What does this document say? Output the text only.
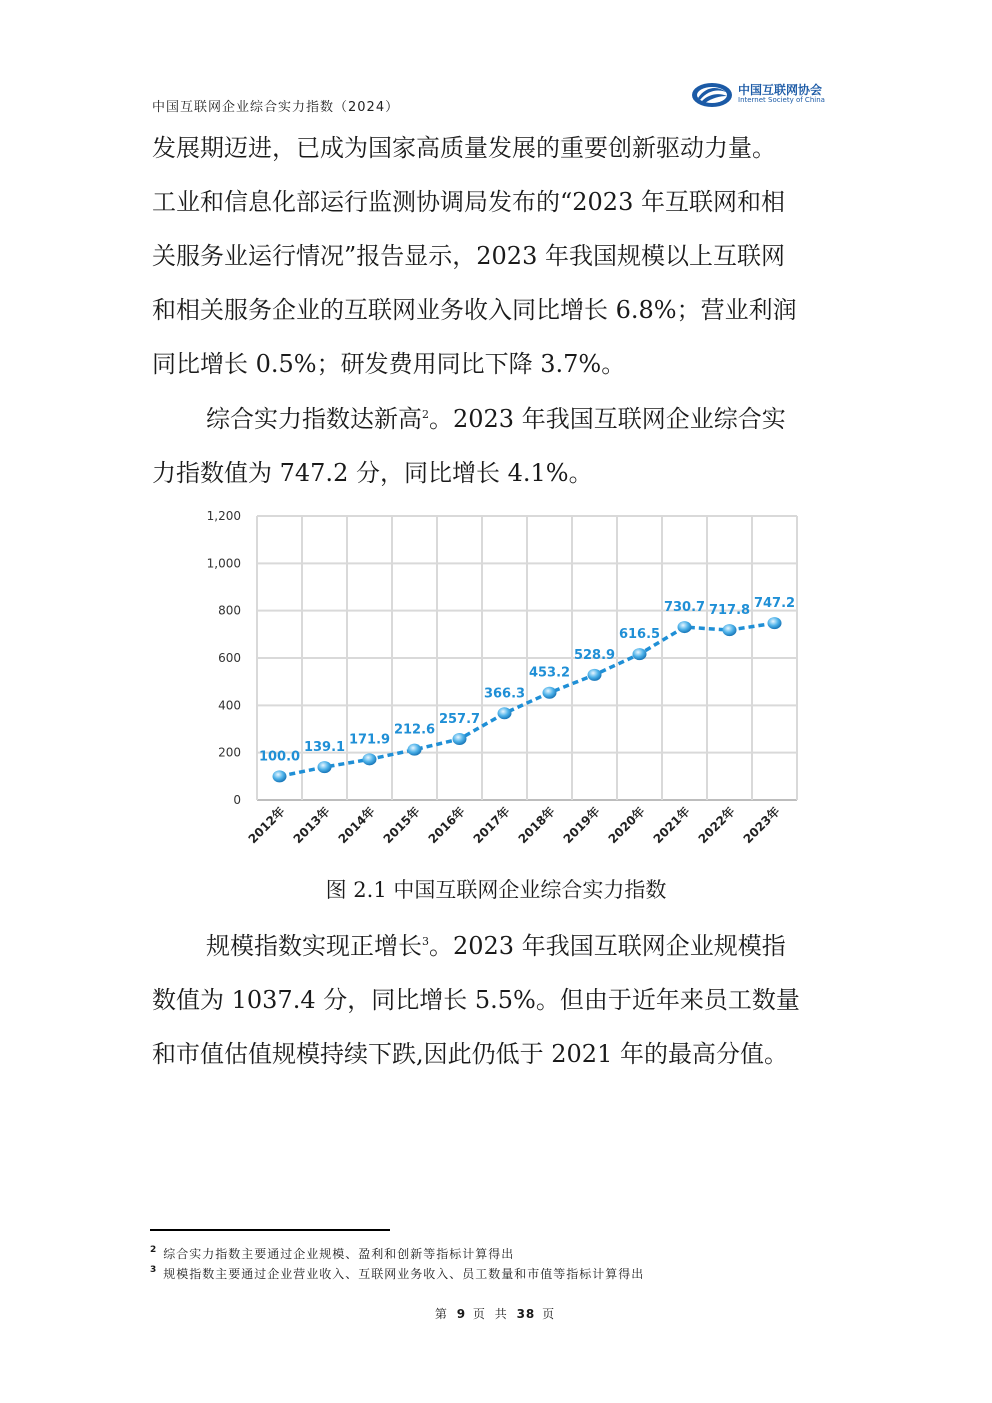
中国互联网企业综合实力指数（2024）
中国互联网协会
Internet Society of China
发展期迈进，已成为国家高质量发展的重要创新驱动力量。
工业和信息化部运行监测协调局发布的“2023 年互联网和相
关服务业运行情况”报告显示，2023 年我国规模以上互联网
和相关服务企业的互联网业务收入同比增长 6.8%；营业利润
同比增长 0.5%；研发费用同比下降 3.7%。
综合实力指数达新高$^2$。2023 年我国互联网企业综合实
力指数值为 747.2 分，同比增长 4.1%。
0
200
400
600
800
1,000
1,200
2012年 2013年 2014年 2015年 2016年 2017年 2018年 2019年 2020年 2021年 2022年 2023年
100.0
139.1
171.9
212.6
257.7
366.3
453.2
528.9
616.5
730.7 717.8 747.2
图 2.1 中国互联网企业综合实力指数
规模指数实现正增长$^3$。2023 年我国互联网企业规模指
数值为 1037.4 分，同比增长 5.5%。但由于近年来员工数量
和市值估值规模持续下跌,因此仍低于 2021 年的最高分值。
$^2$ 综合实力指数主要通过企业规模、盈利和创新等指标计算得出
$^3$ 规模指数主要通过企业营业收入、互联网业务收入、员工数量和市值等指标计算得出
第 9 页 共 38 页
